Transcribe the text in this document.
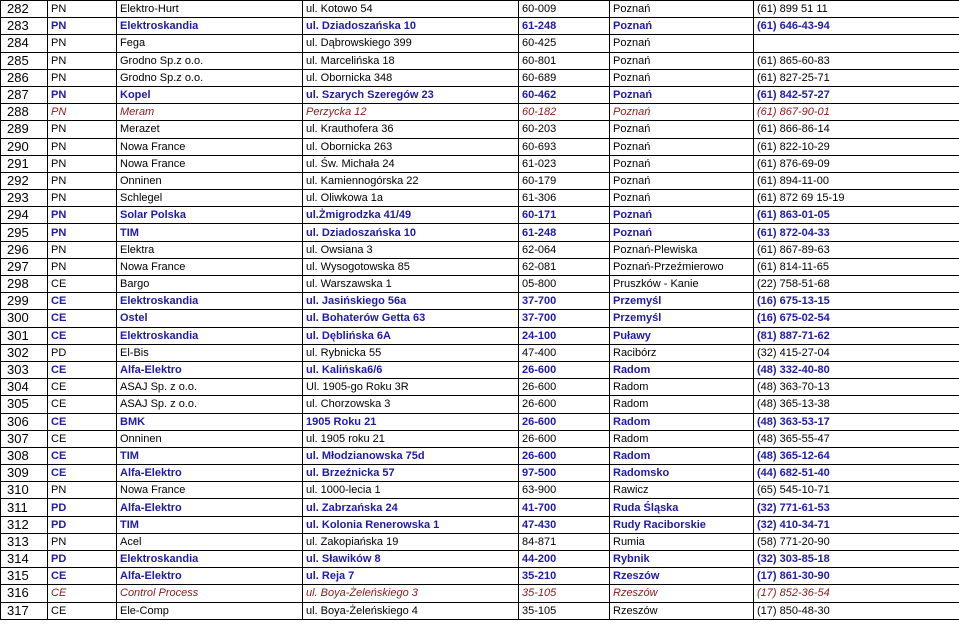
282	PN	Elektro-Hurt	ul. Kotowo 54	60-009	Poznań	(61) 899 51 11
283	PN	Elektroskandia	ul. Dziadoszańska 10	61-248	Poznań	(61) 646-43-94
284	PN	Fega	ul. Dąbrowskiego 399	60-425	Poznań	
285	PN	Grodno Sp.z o.o.	ul. Marcelińska 18	60-801	Poznań	(61) 865-60-83
286	PN	Grodno Sp.z o.o.	ul. Obornicka 348	60-689	Poznań	(61) 827-25-71
287	PN	Kopel	ul. Szarych Szeregów 23	60-462	Poznań	(61) 842-57-27
288	PN	Meram	Perzycka 12	60-182	Poznań	(61) 867-90-01
289	PN	Merazet	ul. Krauthofera 36	60-203	Poznań	(61) 866-86-14
290	PN	Nowa France	ul. Obornicka 263	60-693	Poznań	(61) 822-10-29
291	PN	Nowa France	ul. Św. Michała 24	61-023	Poznań	(61) 876-69-09
292	PN	Onninen	ul. Kamiennogórska 22	60-179	Poznań	(61) 894-11-00
293	PN	Schlegel	ul. Oliwkowa 1a	61-306	Poznań	(61) 872 69 15-19
294	PN	Solar Polska	ul.Żmigrodzka 41/49	60-171	Poznań	(61) 863-01-05
295	PN	TIM	ul. Dziadoszańska 10	61-248	Poznań	(61) 872-04-33
296	PN	Elektra	ul. Owsiana 3	62-064	Poznań-Plewiska	(61) 867-89-63
297	PN	Nowa France	ul. Wysogotowska 85	62-081	Poznań-Przeźmierowo	(61) 814-11-65
298	CE	Bargo	ul. Warszawska 1	05-800	Pruszków - Kanie	(22) 758-51-68
299	CE	Elektroskandia	ul. Jasińskiego 56a	37-700	Przemyśl	(16) 675-13-15
300	CE	Ostel	ul. Bohaterów Getta 63	37-700	Przemyśl	(16) 675-02-54
301	CE	Elektroskandia	ul. Dęblińska 6A	24-100	Puławy	(81) 887-71-62
302	PD	El-Bis	ul. Rybnicka 55	47-400	Racibórz	(32) 415-27-04
303	CE	Alfa-Elektro	ul. Kalińska6/6	26-600	Radom	(48) 332-40-80
304	CE	ASAJ Sp. z o.o.	Ul. 1905-go Roku 3R	26-600	Radom	(48) 363-70-13
305	CE	ASAJ Sp. z o.o.	ul. Chorzowska 3	26-600	Radom	(48) 365-13-38
306	CE	BMK	1905 Roku 21	26-600	Radom	(48) 363-53-17
307	CE	Onninen	ul. 1905 roku 21	26-600	Radom	(48) 365-55-47
308	CE	TIM	ul. Młodzianowska 75d	26-600	Radom	(48) 365-12-64
309	CE	Alfa-Elektro	ul. Brzeźnicka 57	97-500	Radomsko	(44) 682-51-40
310	PN	Nowa France	ul. 1000-lecia 1	63-900	Rawicz	(65) 545-10-71
311	PD	Alfa-Elektro	ul. Zabrzańska 24	41-700	Ruda Śląska	(32) 771-61-53
312	PD	TIM	ul. Kolonia Renerowska 1	47-430	Rudy Raciborskie	(32) 410-34-71
313	PN	Acel	ul. Zakopiańska 19	84-871	Rumia	(58) 771-20-90
314	PD	Elektroskandia	ul. Sławików 8	44-200	Rybnik	(32) 303-85-18
315	CE	Alfa-Elektro	ul. Reja 7	35-210	Rzeszów	(17) 861-30-90
316	CE	Control Process	ul. Boya-Żeleńskiego 3	35-105	Rzeszów	(17) 852-36-54
317	CE	Ele-Comp	ul. Boya-Żeleńskiego 4	35-105	Rzeszów	(17) 850-48-30
